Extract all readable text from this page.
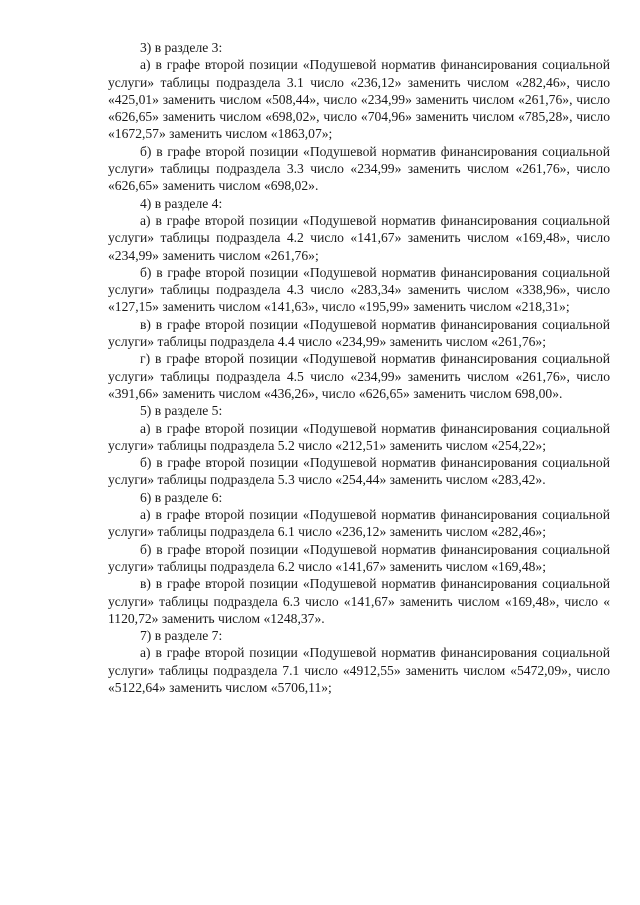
3) в разделе 3:

а) в графе второй позиции «Подушевой норматив финансирования социальной услуги» таблицы подраздела 3.1 число «236,12» заменить числом «282,46», число «425,01» заменить числом «508,44», число «234,99» заменить числом «261,76», число «626,65» заменить числом «698,02», число «704,96» заменить числом «785,28», число «1672,57» заменить числом «1863,07»;

б) в графе второй позиции «Подушевой норматив финансирования социальной услуги» таблицы подраздела 3.3 число «234,99» заменить числом «261,76», число «626,65» заменить числом «698,02».

4) в разделе 4:

а) в графе второй позиции «Подушевой норматив финансирования социальной услуги» таблицы подраздела 4.2 число «141,67» заменить числом «169,48», число «234,99» заменить числом «261,76»;

б) в графе второй позиции «Подушевой норматив финансирования социальной услуги» таблицы подраздела 4.3 число «283,34» заменить числом «338,96», число «127,15» заменить числом «141,63», число «195,99» заменить числом «218,31»;

в) в графе второй позиции «Подушевой норматив финансирования социальной услуги» таблицы подраздела 4.4 число «234,99» заменить числом «261,76»;

г) в графе второй позиции «Подушевой норматив финансирования социальной услуги» таблицы подраздела 4.5 число «234,99» заменить числом «261,76», число «391,66» заменить числом «436,26», число «626,65» заменить числом 698,00».

5) в разделе 5:

а) в графе второй позиции «Подушевой норматив финансирования социальной услуги» таблицы подраздела 5.2 число «212,51» заменить числом «254,22»;

б) в графе второй позиции «Подушевой норматив финансирования социальной услуги» таблицы подраздела 5.3 число «254,44» заменить числом «283,42».

6) в разделе 6:

а) в графе второй позиции «Подушевой норматив финансирования социальной услуги» таблицы подраздела 6.1 число «236,12» заменить числом «282,46»;

б) в графе второй позиции «Подушевой норматив финансирования социальной услуги» таблицы подраздела 6.2 число «141,67» заменить числом «169,48»;

в) в графе второй позиции «Подушевой норматив финансирования социальной услуги» таблицы подраздела 6.3 число «141,67» заменить числом «169,48», число « 1120,72» заменить числом «1248,37».

7) в разделе 7:

а) в графе второй позиции «Подушевой норматив финансирования социальной услуги» таблицы подраздела 7.1 число «4912,55» заменить числом «5472,09», число «5122,64» заменить числом «5706,11»;
